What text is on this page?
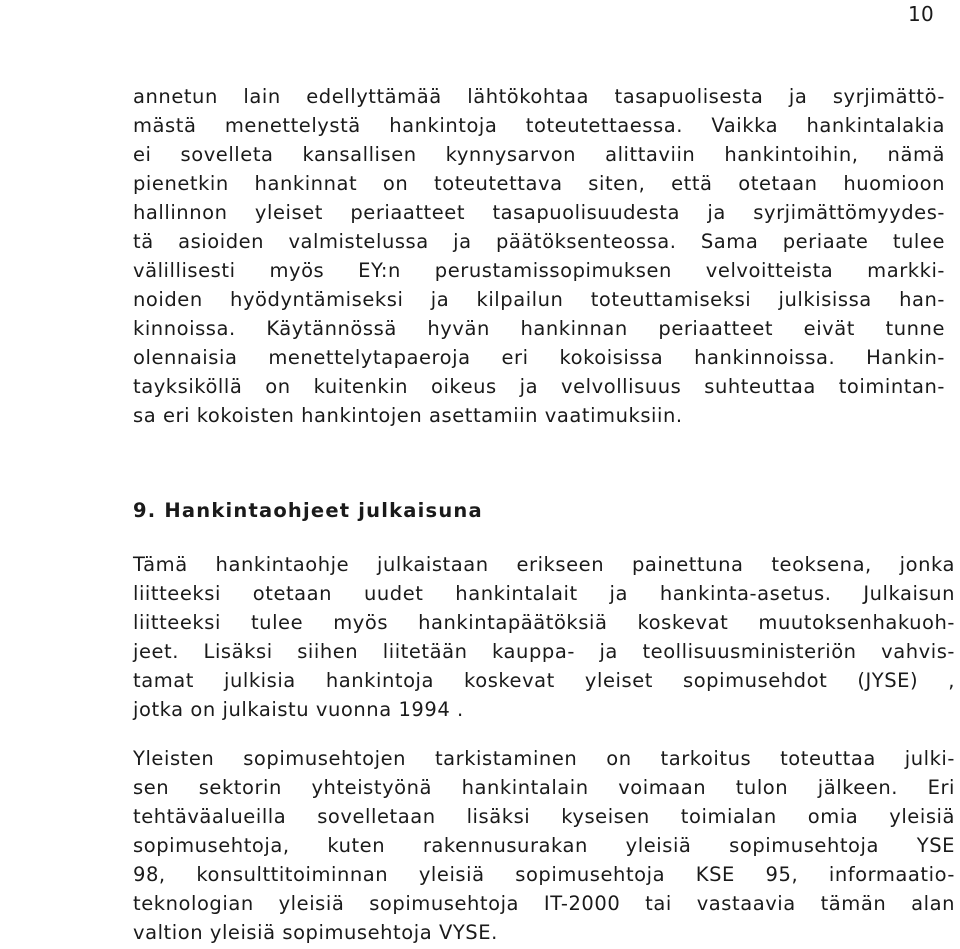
10
annetun lain edellyttämää lähtökohtaa tasapuolisesta ja syrjimättö-
mästä menettelystä hankintoja toteutettaessa. Vaikka hankintalakia
ei sovelleta kansallisen kynnysarvon alittaviin hankintoihin, nämä
pienetkin hankinnat on toteutettava siten, että otetaan huomioon
hallinnon yleiset periaatteet tasapuolisuudesta ja syrjimättömyydes-
tä asioiden valmistelussa ja päätöksenteossa. Sama periaate tulee
välillisesti myös EY:n perustamissopimuksen velvoitteista markki-
noiden hyödyntämiseksi ja kilpailun toteuttamiseksi julkisissa han-
kinnoissa. Käytännössä hyvän hankinnan periaatteet eivät tunne
olennaisia menettelytapaeroja eri kokoisissa hankinnoissa. Hankin-
tayksiköllä on kuitenkin oikeus ja velvollisuus suhteuttaa toimintan-
sa eri kokoisten hankintojen asettamiin vaatimuksiin.
9. Hankintaohjeet julkaisuna
Tämä hankintaohje julkaistaan erikseen painettuna teoksena, jonka
liitteeksi otetaan uudet hankintalait ja hankinta-asetus. Julkaisun
liitteeksi tulee myös hankintapäätöksiä koskevat muutoksenhakuoh-
jeet. Lisäksi siihen liitetään kauppa- ja teollisuusministeriön vahvis-
tamat julkisia hankintoja koskevat yleiset sopimusehdot (JYSE) ,
jotka on julkaistu vuonna 1994 .
Yleisten sopimusehtojen tarkistaminen on tarkoitus toteuttaa julki-
sen sektorin yhteistyönä hankintalain voimaan tulon jälkeen. Eri
tehtäväalueilla sovelletaan lisäksi kyseisen toimialan omia yleisiä
sopimusehtoja, kuten rakennusurakan yleisiä sopimusehtoja YSE
98, konsulttitoiminnan yleisiä sopimusehtoja KSE 95, informaatio-
teknologian yleisiä sopimusehtoja IT-2000 tai vastaavia tämän alan
valtion yleisiä sopimusehtoja VYSE.
